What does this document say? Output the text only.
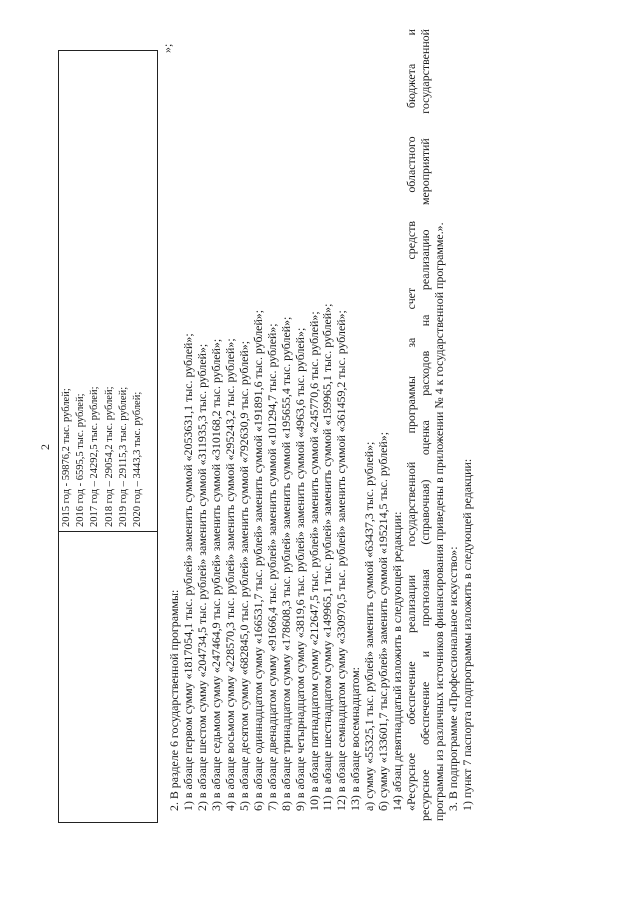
2
	2015 год - 59876,2 тыс. рублей; 2016 год - 6595,5 тыс. рублей; 2017 год – 24292,5 тыс. рублей; 2018 год – 29054,2 тыс. рублей; 2019 год – 29115,3 тыс. рублей; 2020 год – 3443,3 тыс. рублей;
»;
2. В разделе 6 государственной программы: 1) в абзаце первом сумму «1817054,1 тыс. рублей» заменить суммой «2053631,1 тыс. рублей»; 2) в абзаце шестом сумму «204734,5 тыс. рублей» заменить суммой «311935,3 тыс. рублей»; 3) в абзаце седьмом сумму «247464,9 тыс. рублей» заменить суммой «310168,2 тыс. рублей»; 4) в абзаце восьмом сумму «228570,3 тыс. рублей» заменить суммой «295243,2 тыс. рублей»; 5) в абзаце десятом сумму «682845,0 тыс. рублей» заменить суммой «792630,9 тыс. рублей»; 6) в абзаце одиннадцатом сумму «166531,7 тыс. рублей» заменить суммой «191891,6 тыс. рублей»; 7) в абзаце двенадцатом сумму «91666,4 тыс. рублей» заменить суммой «101294,7 тыс. рублей»; 8) в абзаце тринадцатом сумму «178608,3 тыс. рублей» заменить суммой «195655,4 тыс. рублей»; 9) в абзаце четырнадцатом сумму «3819,6 тыс. рублей» заменить суммой «4963,6 тыс. рублей»; 10) в абзаце пятнадцатом сумму «212647,5 тыс. рублей» заменить суммой «245770,6 тыс. рублей»; 11) в абзаце шестнадцатом сумму «149965,1 тыс. рублей» заменить суммой «159965,1 тыс. рублей»; 12) в абзаце семнадцатом сумму «330970,5 тыс. рублей» заменить суммой «361459,2 тыс. рублей»; 13) в абзаце восемнадцатом: а) сумму «55325,1 тыс. рублей» заменить суммой «63437,3 тыс. рублей»; б) сумму «133601,7 тыс.рублей» заменить суммой «195214,5 тыс. рублей»; 14) абзац девятнадцатый изложить в следующей редакции: «Ресурсное обеспечение реализации государственной программы за счет средств областного бюджета и ресурсное обеспечение и прогнозная (справочная) оценка расходов на реализацию мероприятий государственной программы из различных источников финансирования приведены в приложении № 4 к государственной программе.». 3. В подпрограмме «Профессиональное искусство»: 1) пункт 7 паспорта подпрограммы изложить в следующей редакции:
